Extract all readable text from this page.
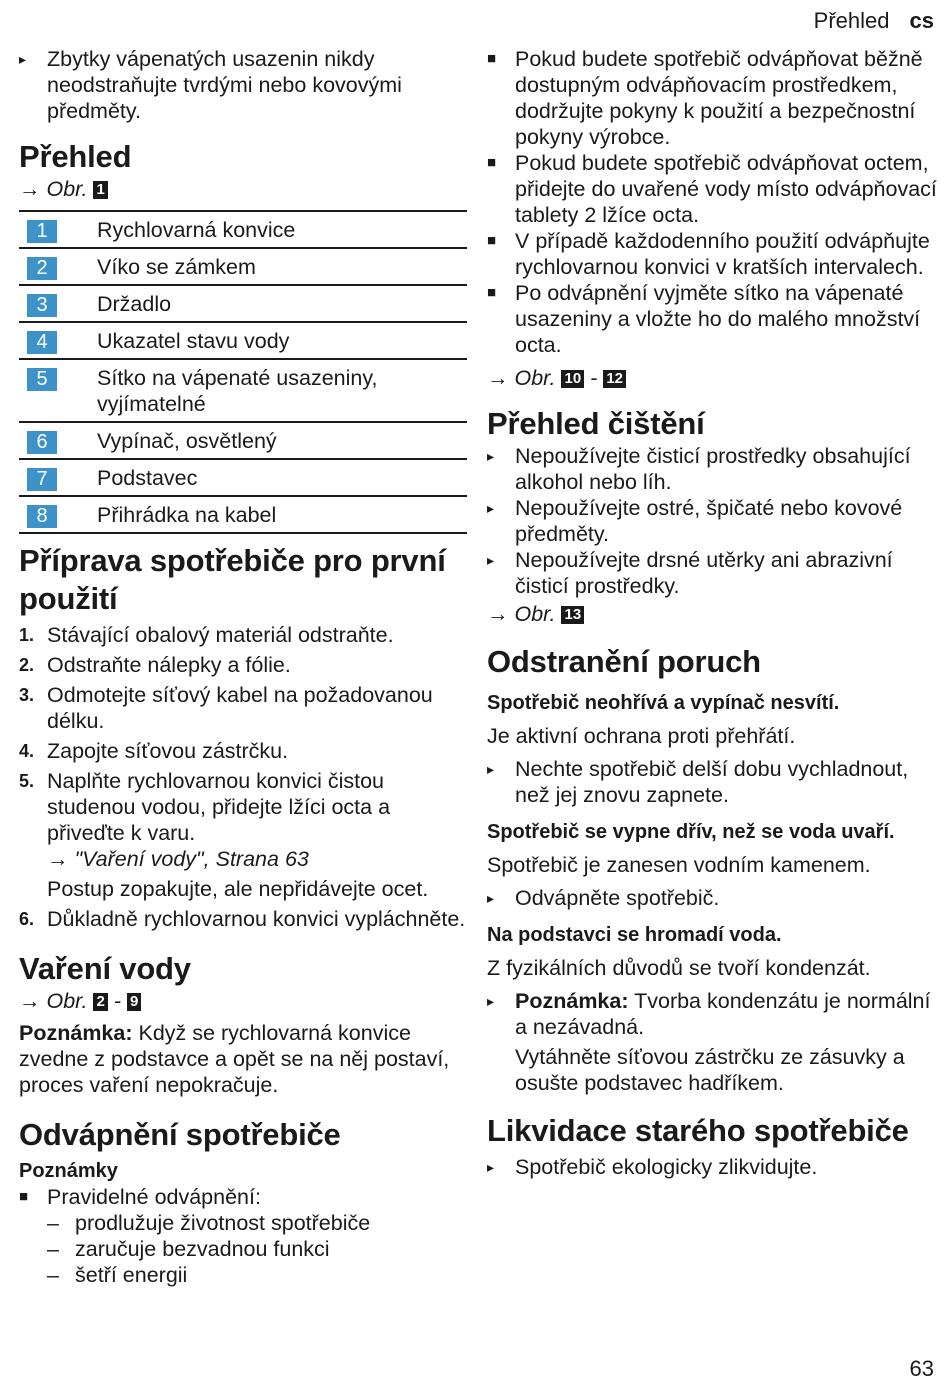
Přehled cs
▸ Zbytky vápenatých usazenin nikdy neodstraňujte tvrdými nebo kovovými předměty.
Přehled

→ Obr. 1

1	Rychlovarná konvice
2	Víko se zámkem
3	Držadlo
4	Ukazatel stavu vody
5	Sítko na vápenaté usazeniny, vyjímatelné
6	Vypínač, osvětlený
7	Podstavec
8	Přihrádka na kabel
Příprava spotřebiče pro první použití
1. Stávající obalový materiál odstraňte.
2. Odstraňte nálepky a fólie.
3. Odmotejte síťový kabel na požadovanou délku.
4. Zapojte síťovou zástrčku.
5. Naplňte rychlovarnou konvici čistou studenou vodou, přidejte lžíci octa a přiveďte k varu.

→ "Vaření vody", Strana 63

Postup zopakujte, ale nepřidávejte ocet.

6. Důkladně rychlovarnou konvici vypláchněte.
Vaření vody

→ Obr. 2 - 9

Poznámka: Když se rychlovarná konvice zvedne z podstavce a opět se na něj postaví, proces vaření nepokračuje.

Odvápnění spotřebiče

Poznámky

■ Pravidelné odvápnění:
– prodlužuje životnost spotřebiče
– zaručuje bezvadnou funkci
– šetří energii
■ Pokud budete spotřebič odvápňovat běžně dostupným odvápňovacím prostředkem, dodržujte pokyny k použití a bezpečnostní pokyny výrobce.
■ Pokud budete spotřebič odvápňovat octem, přidejte do uvařené vody místo odvápňovací tablety 2 lžíce octa.
■ V případě každodenního použití odvápňujte rychlovarnou konvici v kratších intervalech.
■ Po odvápnění vyjměte sítko na vápenaté usazeniny a vložte ho do malého množství octa.

→ Obr. 10 - 12

Přehled čištění
▸ Nepoužívejte čisticí prostředky obsahující alkohol nebo líh.
▸ Nepoužívejte ostré, špičaté nebo kovové předměty.
▸ Nepoužívejte drsné utěrky ani abrazivní čisticí prostředky.

→ Obr. 13

Odstranění poruch

Spotřebič neohřívá a vypínač nesvítí.

Je aktivní ochrana proti přehřátí.

▸ Nechte spotřebič delší dobu vychladnout, než jej znovu zapnete.

Spotřebič se vypne dřív, než se voda uvaří.

Spotřebič je zanesen vodním kamenem.

▸ Odvápněte spotřebič.

Na podstavci se hromadí voda.

Z fyzikálních důvodů se tvoří kondenzát.

▸ Poznámka: Tvorba kondenzátu je normální a nezávadná.

Vytáhněte síťovou zástrčku ze zásuvky a osušte podstavec hadříkem.

Likvidace starého spotřebiče
▸ Spotřebič ekologicky zlikvidujte.
63
